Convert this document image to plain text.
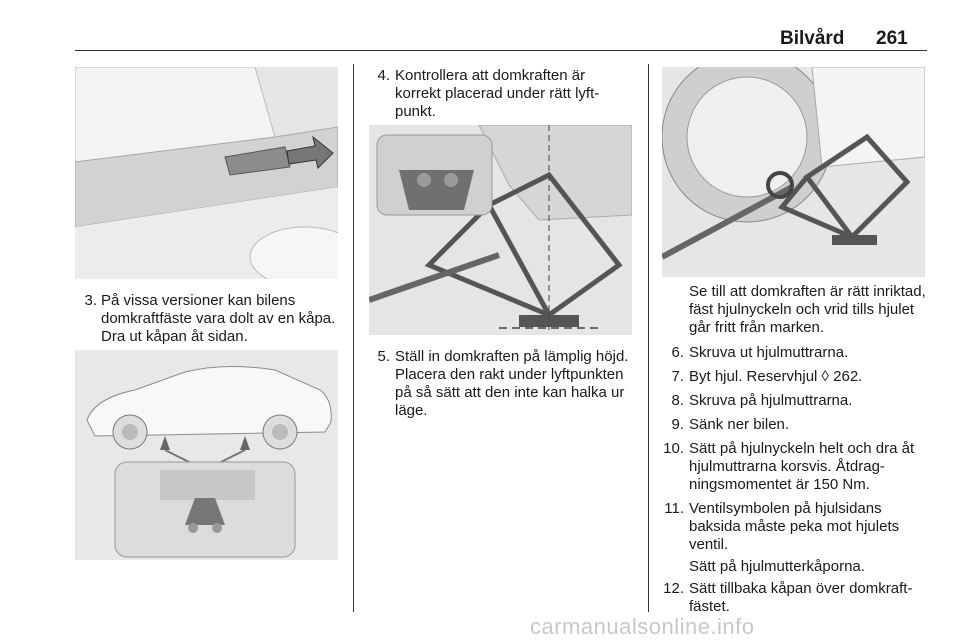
Bilvård 261
3. På vissa versioner kan bilens domkraftfäste vara dolt av en kåpa. Dra ut kåpan åt sidan.
4. Kontrollera att domkraften är korrekt placerad under rätt lyftpunkt.
5. Ställ in domkraften på lämplig höjd. Placera den rakt under lyftpunkten på så sätt att den inte kan halka ur läge.
Se till att domkraften är rätt inriktad, fäst hjulnyckeln och vrid tills hjulet går fritt från marken.
6. Skruva ut hjulmuttrarna.
7. Byt hjul. Reservhjul ◊ 262.
8. Skruva på hjulmuttrarna.
9. Sänk ner bilen.
10. Sätt på hjulnyckeln helt och dra åt hjulmuttrarna korsvis. Åtdragningsmomentet är 150 Nm.
11. Ventilsymbolen på hjulsidans baksida måste peka mot hjulets ventil.
Sätt på hjulmutterkåporna.
12. Sätt tillbaka kåpan över domkraftfästet.
carmanualsonline.info
